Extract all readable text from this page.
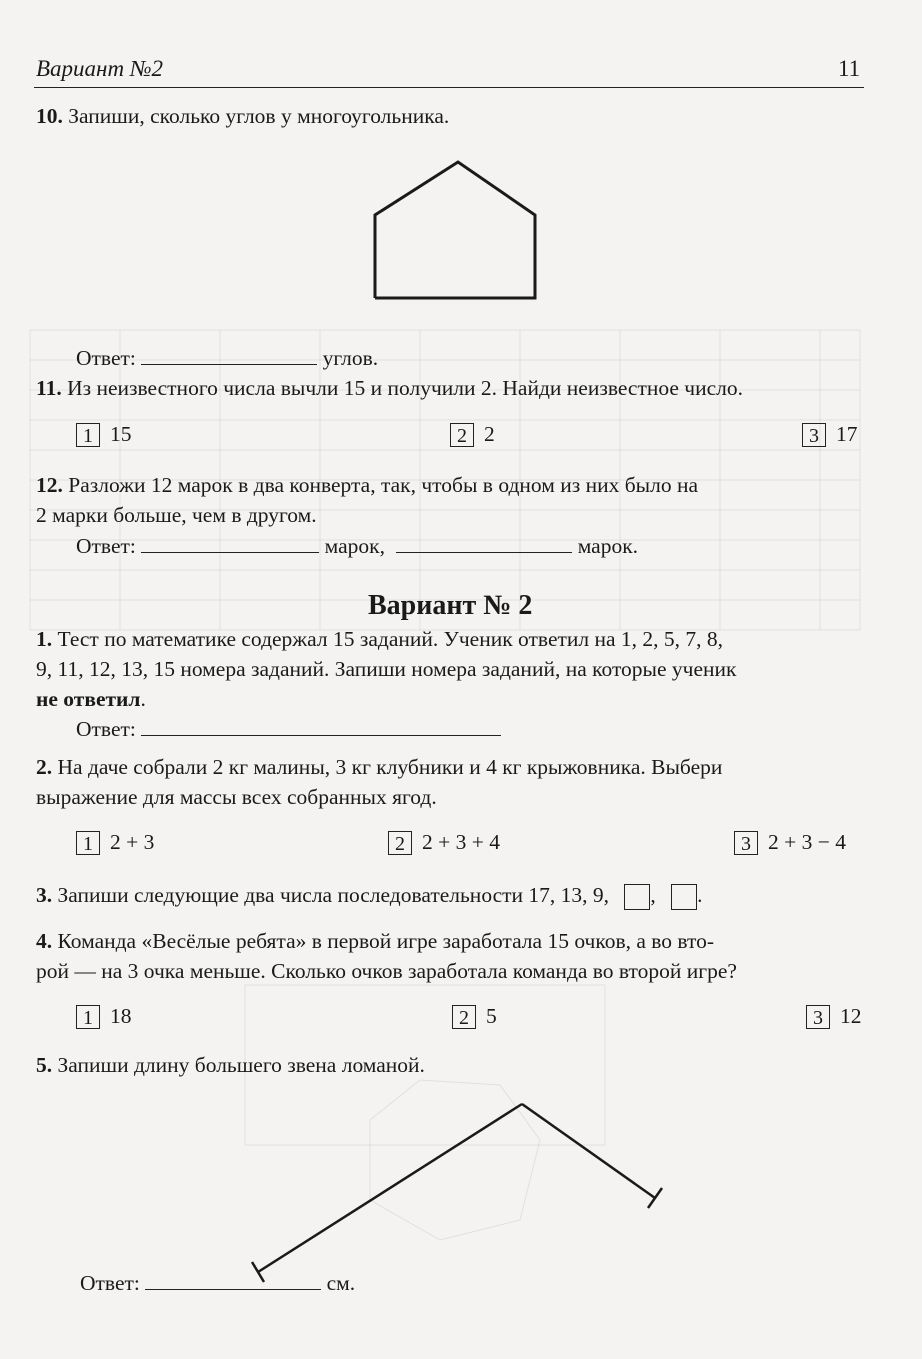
Вариант №2	11
10. Запиши, сколько углов у многоугольника.
Ответ:	углов.
11. Из неизвестного числа вычли 15 и получили 2. Найди неизвестное число.
1 15	2 2	3 17
12. Разложи 12 марок в два конверта, так, чтобы в одном из них было на
2 марки больше, чем в другом.
Ответ:	марок,	марок.
Вариант № 2
1. Тест по математике содержал 15 заданий. Ученик ответил на 1, 2, 5, 7, 8,
9, 11, 12, 13, 15 номера заданий. Запиши номера заданий, на которые ученик
не ответил.
Ответ:
2. На даче собрали 2 кг малины, 3 кг клубники и 4 кг крыжовника. Выбери
выражение для массы всех собранных ягод.
1 2 + 3	2 2 + 3 + 4	3 2 + 3 − 4
3. Запиши следующие два числа последовательности 17, 13, 9, , .
4. Команда «Весёлые ребята» в первой игре заработала 15 очков, а во вто-
рой — на 3 очка меньше. Сколько очков заработала команда во второй игре?
1 18	2 5	3 12
5. Запиши длину большего звена ломаной.
Ответ:	см.
